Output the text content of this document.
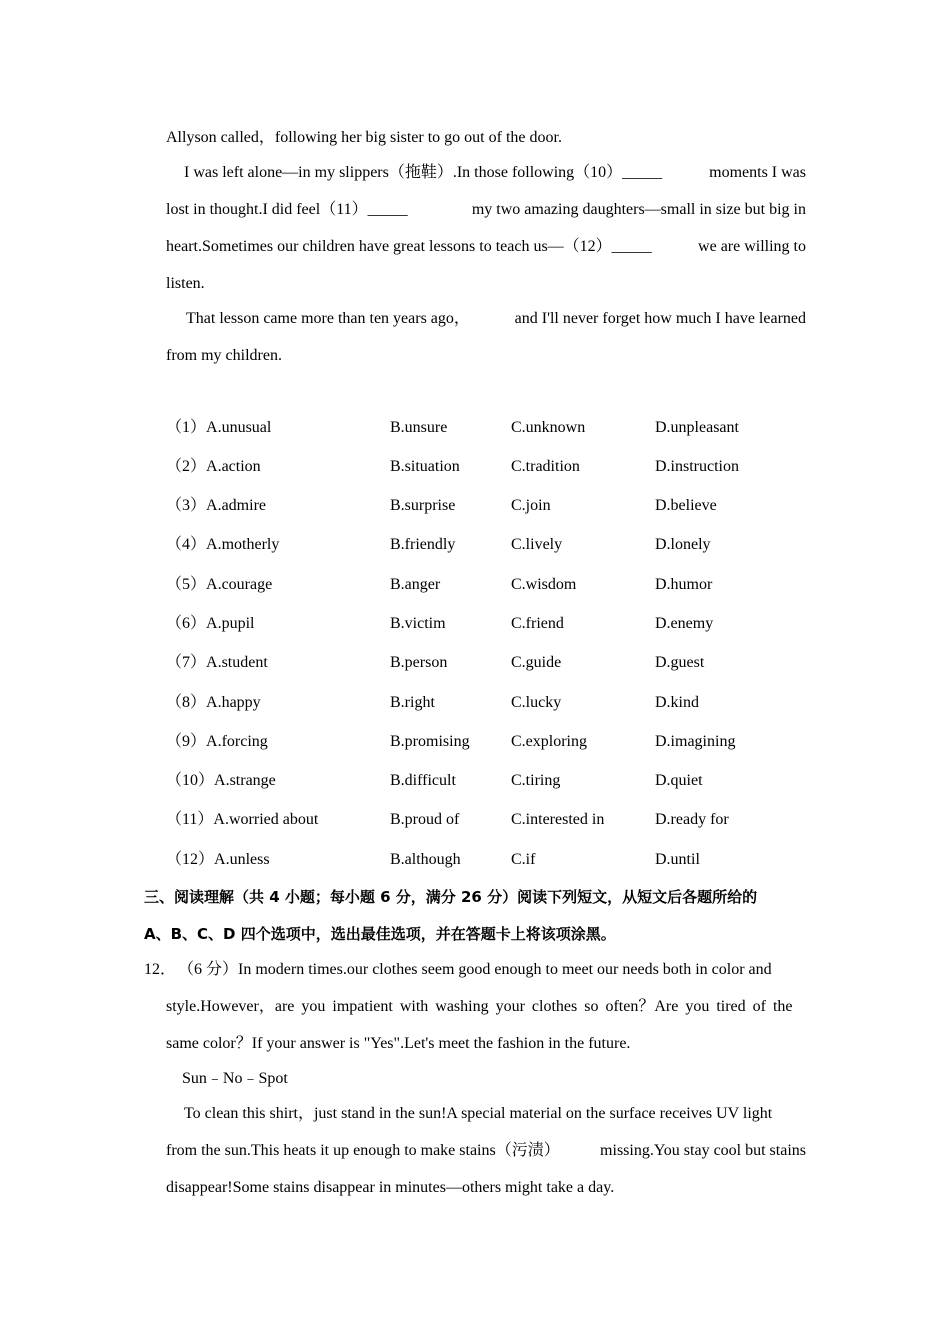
Allyson called，following her big sister to go out of the door.
I was left alone—in my slippers（拖鞋）.In those following（10）_____	moments I was
lost in thought.I did feel（11）_____	my two amazing daughters—small in size but big in
heart.Sometimes our children have great lessons to teach us—（12）_____	we are willing to
listen.
That lesson came more than ten years ago，	and I'll never forget how much I have learned
from my children.
（1）A.unusual	B.unsure	C.unknown	D.unpleasant
（2）A.action	B.situation	C.tradition	D.instruction
（3）A.admire	B.surprise	C.join	D.believe
（4）A.motherly	B.friendly	C.lively	D.lonely
（5）A.courage	B.anger	C.wisdom	D.humor
（6）A.pupil	B.victim	C.friend	D.enemy
（7）A.student	B.person	C.guide	D.guest
（8）A.happy	B.right	C.lucky	D.kind
（9）A.forcing	B.promising	C.exploring	D.imagining
（10）A.strange	B.difficult	C.tiring	D.quiet
（11）A.worried about	B.proud of	C.interested in	D.ready for
（12）A.unless	B.although	C.if	D.until
三、阅读理解（共 4 小题；每小题 6 分，满分 26 分）阅读下列短文，从短文后各题所给的
A、B、C、D 四个选项中，选出最佳选项，并在答题卡上将该项涂黑。
12． （6 分）In modern times.our clothes seem good enough to meet our needs both in color and
style.However，are you impatient with washing your clothes so often？Are you tired of the
same color？If your answer is "Yes".Let's meet the fashion in the future.
Sun﹣No﹣Spot
To clean this shirt，just stand in the sun!A special material on the surface receives UV light
from the sun.This heats it up enough to make stains（污渍）	missing.You stay cool but stains
disappear!Some stains disappear in minutes—others might take a day.
